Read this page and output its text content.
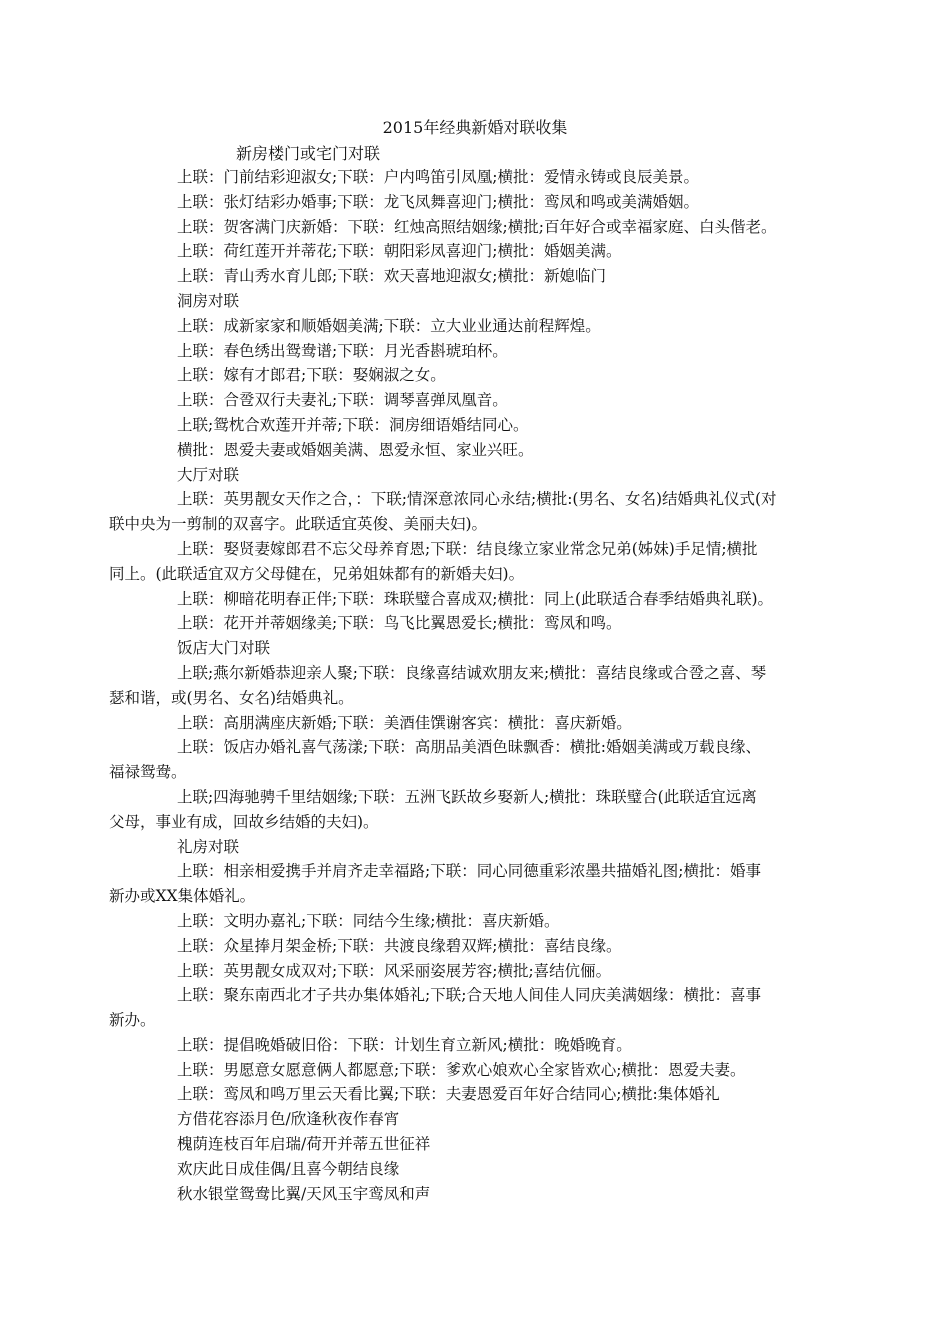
2015年经典新婚对联收集
新房楼门或宅门对联
上联：门前结彩迎淑女;下联：户内鸣笛引凤凰;横批：爱情永铸或良辰美景。
上联：张灯结彩办婚事;下联：龙飞凤舞喜迎门;横批：鸾凤和鸣或美满婚姻。
上联：贺客满门庆新婚：下联：红烛高照结姻缘;横批;百年好合或幸福家庭、白头偕老。
上联：荷红莲开并蒂花;下联：朝阳彩凤喜迎门;横批：婚姻美满。
上联：青山秀水育儿郎;下联：欢天喜地迎淑女;横批：新媳临门
洞房对联
上联：成新家家和顺婚姻美满;下联：立大业业通达前程辉煌。
上联：春色绣出鸳鸯谱;下联：月光香斟琥珀杯。
上联：嫁有才郎君;下联：娶娴淑之女。
上联：合卺双行夫妻礼;下联：调琴喜弹凤凰音。
上联;鸳枕合欢莲开并蒂;下联：洞房细语婚结同心。
横批：恩爱夫妻或婚姻美满、恩爱永恒、家业兴旺。
大厅对联
上联：英男靓女天作之合，：下联;情深意浓同心永结;横批:(男名、女名)结婚典礼仪式(对
联中央为一剪制的双喜字。此联适宜英俊、美丽夫妇)。
上联：娶贤妻嫁郎君不忘父母养育恩;下联：结良缘立家业常念兄弟(姊妹)手足情;横批
同上。(此联适宜双方父母健在，兄弟姐妹都有的新婚夫妇)。
上联：柳暗花明春正伴;下联：珠联璧合喜成双;横批：同上(此联适合春季结婚典礼联)。
上联：花开并蒂姻缘美;下联：鸟飞比翼恩爱长;横批：鸾凤和鸣。
饭店大门对联
上联;燕尔新婚恭迎亲人聚;下联：良缘喜结诚欢朋友来;横批：喜结良缘或合卺之喜、琴
瑟和谐，或(男名、女名)结婚典礼。
上联：高朋满座庆新婚;下联：美酒佳馔谢客宾：横批：喜庆新婚。
上联：饭店办婚礼喜气荡漾;下联：高朋品美酒色昧飘香：横批:婚姻美满或万载良缘、
福禄鸳鸯。
上联;四海驰骋千里结姻缘;下联：五洲飞跃故乡娶新人;横批：珠联璧合(此联适宜远离
父母，事业有成，回故乡结婚的夫妇)。
礼房对联
上联：相亲相爱携手并肩齐走幸福路;下联：同心同德重彩浓墨共描婚礼图;横批：婚事
新办或XX集体婚礼。
上联：文明办嘉礼;下联：同结今生缘;横批：喜庆新婚。
上联：众星捧月架金桥;下联：共渡良缘碧双辉;横批：喜结良缘。
上联：英男靓女成双对;下联：风采丽姿展芳容;横批;喜结伉俪。
上联：聚东南西北才子共办集体婚礼;下联;合天地人间佳人同庆美满姻缘：横批：喜事
新办。
上联：提倡晚婚破旧俗：下联：计划生育立新风;横批：晚婚晚育。
上联：男愿意女愿意俩人都愿意;下联：爹欢心娘欢心全家皆欢心;横批：恩爱夫妻。
上联：鸾凤和鸣万里云天看比翼;下联：夫妻恩爱百年好合结同心;横批:集体婚礼
方借花容添月色/欣逢秋夜作春宵
槐荫连枝百年启瑞/荷开并蒂五世征祥
欢庆此日成佳偶/且喜今朝结良缘
秋水银堂鸳鸯比翼/天风玉宇鸾凤和声
